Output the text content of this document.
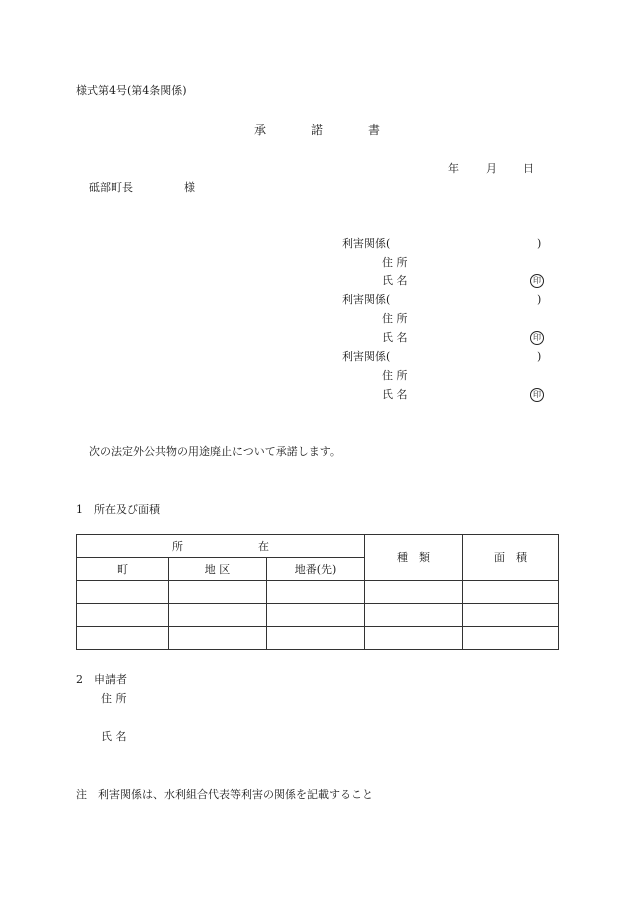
様式第4号(第4条関係)
承	諾	書
年 月 日
砥部町長	様
利害関係(	)
住 所
氏 名	印
利害関係(	)
住 所
氏 名	印
利害関係(	)
住 所
氏 名	印
次の法定外公共物の用途廃止について承諾します。
1　所在及び面積
所 在			種　類	面　積
町	地 区	地番(先)		

2　申請者
住 所
氏 名
注　利害関係は、水利組合代表等利害の関係を記載すること
